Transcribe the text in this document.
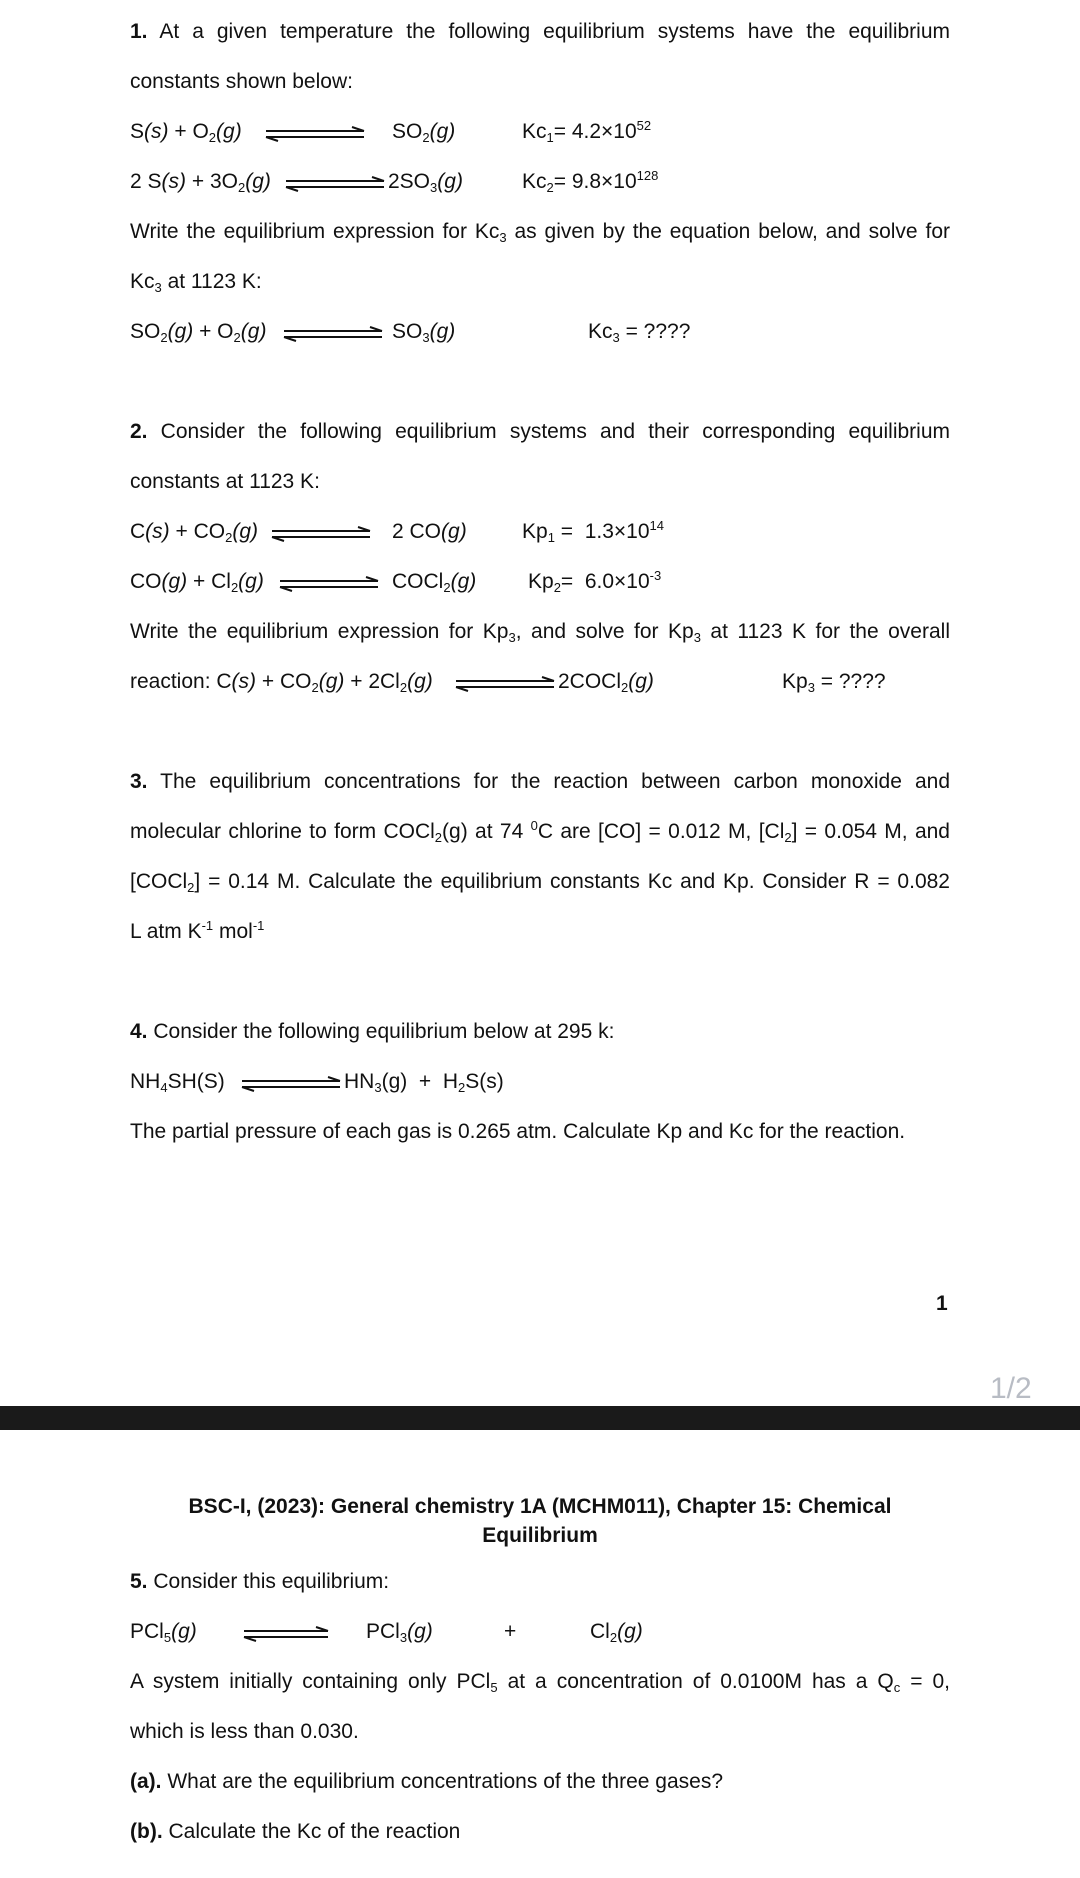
1. At a given temperature the following equilibrium systems have the equilibrium
constants shown below:
$S(s) + O_2(g)$	$SO_2(g)$	$Kc_1= 4.2\times 10^{52}$
2 $S(s) + 3O_2(g)$	$2SO_3(g)$	$Kc_2= 9.8\times 10^{128}$
Write the equilibrium expression for $Kc_3$ as given by the equation below, and solve for
$Kc_3$ at 1123 K:
$SO_2(g) + O_2(g)$	$SO_3(g)$	$Kc_3$ = ????
2. Consider the following equilibrium systems and their corresponding equilibrium
constants at 1123 K:
$C(s) + CO_2(g)$	2 CO(g)	$Kp_1 = 1.3\times 10^{14}$
$CO(g) + Cl_2(g)$	COCl$_2$(g) $Kp_2= 6.0\times 10^{-3}$
Write the equilibrium expression for $Kp_3$, and solve for $Kp_3$ at 1123 K for the overall
reaction: $C(s) + CO_2(g) + 2Cl_2(g)$	2COCl$_2$(g)	$Kp_3$ = ????
3. The equilibrium concentrations for the reaction between carbon monoxide and
molecular chlorine to form COCl$_2$(g) at 74 $^0$C are [CO] = 0.012 M, $[Cl_2] = 0.054$ M, and
[COCl$_2$] = 0.14 M. Calculate the equilibrium constants Kc and Kp. Consider R = 0.082
L atm $K^{-1}$ mol$^{-1}$
4. Consider the following equilibrium below at 295 k:
$NH_4SH(S)$	$HN_3(g) + H_2S(s)$
The partial pressure of each gas is 0.265 atm. Calculate Kp and Kc for the reaction.
1
1/2
BSC-I, (2023): General chemistry 1A (MCHM011), Chapter 15: Chemical
Equilibrium
5. Consider this equilibrium:
PCl$_5$(g)	PCl$_3$(g)	+	$Cl_2(g)$
A system initially containing only PCl$_5$ at a concentration of 0.0100M has a $Q_c = 0$,
which is less than 0.030.
(a). What are the equilibrium concentrations of the three gases?
(b). Calculate the Kc of the reaction
